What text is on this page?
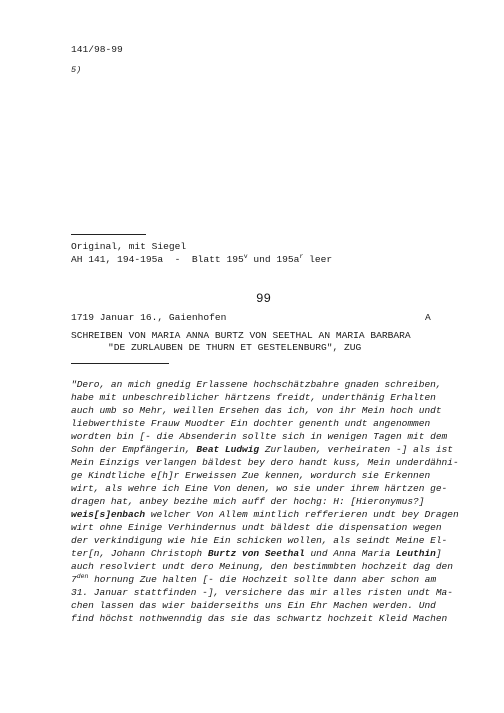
141/98-99
5)
Original, mit Siegel
AH 141, 194-195a  -  Blatt 195$^v$ und $195a^r$ leer
99
1719 Januar 16., Gaienhofen	A
SCHREIBEN VON MARIA ANNA BURTZ VON SEETHAL AN MARIA BARBARA
"DE ZURLAUBEN DE THURN ET GESTELENBURG", ZUG
"Dero, an mich gnedig Erlassene hochschätzbahre gnaden schreiben,
habe mit unbeschreiblicher härtzens freidt, underthänig Erhalten
auch umb so Mehr, weillen Ersehen das ich, von ihr Mein hoch undt
liebwerthiste Frauw Muodter Ein dochter genenth undt angenommen
wordten bin [- die Absenderin sollte sich in wenigen Tagen mit dem
Sohn der Empfängerin, Beat Ludwig Zurlauben, verheiraten -] als ist
Mein Einzigs verlangen bäldest bey dero handt kuss, Mein underdähni-
ge Kindtliche e[h]r Erweissen Zue kennen, wordurch sie Erkennen
wirt, als wehre ich Eine Von denen, wo sie under ihrem härtzen ge-
dragen hat, anbey bezihe mich auff der hochg: H: [Hieronymus?]
weis[s]enbach welcher Von Allem mintlich refferieren undt bey Dragen
wirt ohne Einige Verhindernus undt bäldest die dispensation wegen
der verkindigung wie hie Ein schicken wollen, als seindt Meine El-
ter[n, Johann Christoph Burtz von Seethal und Anna Maria Leuthin]
auch resolviert undt dero Meinung, den bestimmbten hochzeit dag den
$7^{den}$ hornung Zue halten [- die Hochzeit sollte dann aber schon am
31. Januar stattfinden -], versichere das mir alles risten undt Ma-
chen lassen das wier baiderseiths uns Ein Ehr Machen werden. Und
find höchst nothwenndig das sie das schwartz hochzeit Kleid Machen
